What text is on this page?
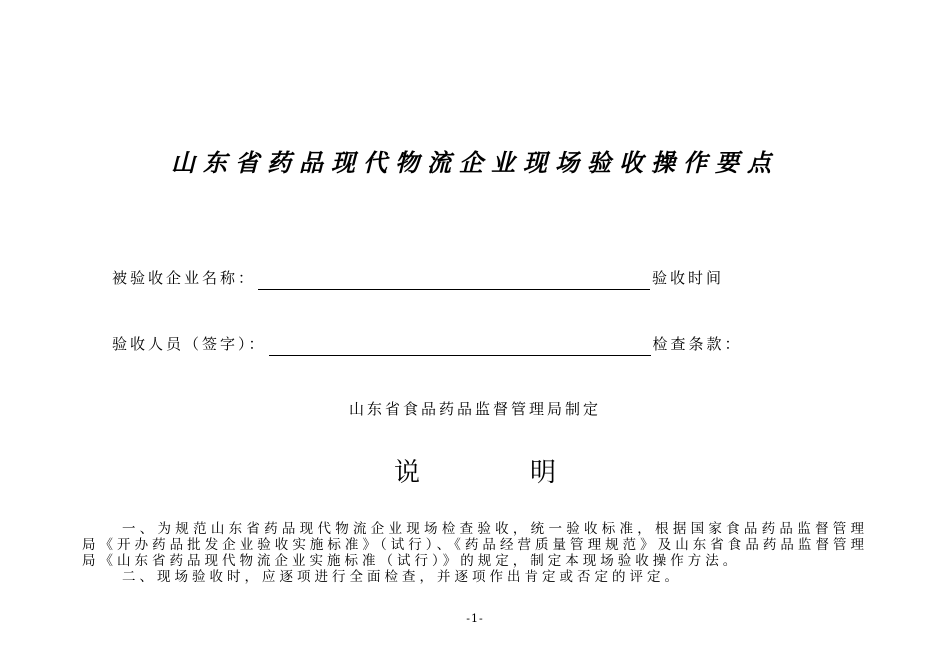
山东省药品现代物流企业现场验收操作要点
被验收企业名称：	验收时间
验收人员（签字）：	检查条款：
山东省食品药品监督管理局制定
说	明

一、为规范山东省药品现代物流企业现场检查验收，统一验收标准，根据国家食品药品监督管理局《开办药品批发企业验收实施标准》（试行）、《药品经营质量管理规范》及山东省食品药品监督管理局《山东省药品现代物流企业实施标准（试行）》的规定，制定本现场验收操作方法。

二、现场验收时，应逐项进行全面检查，并逐项作出肯定或否定的评定。

-1-
